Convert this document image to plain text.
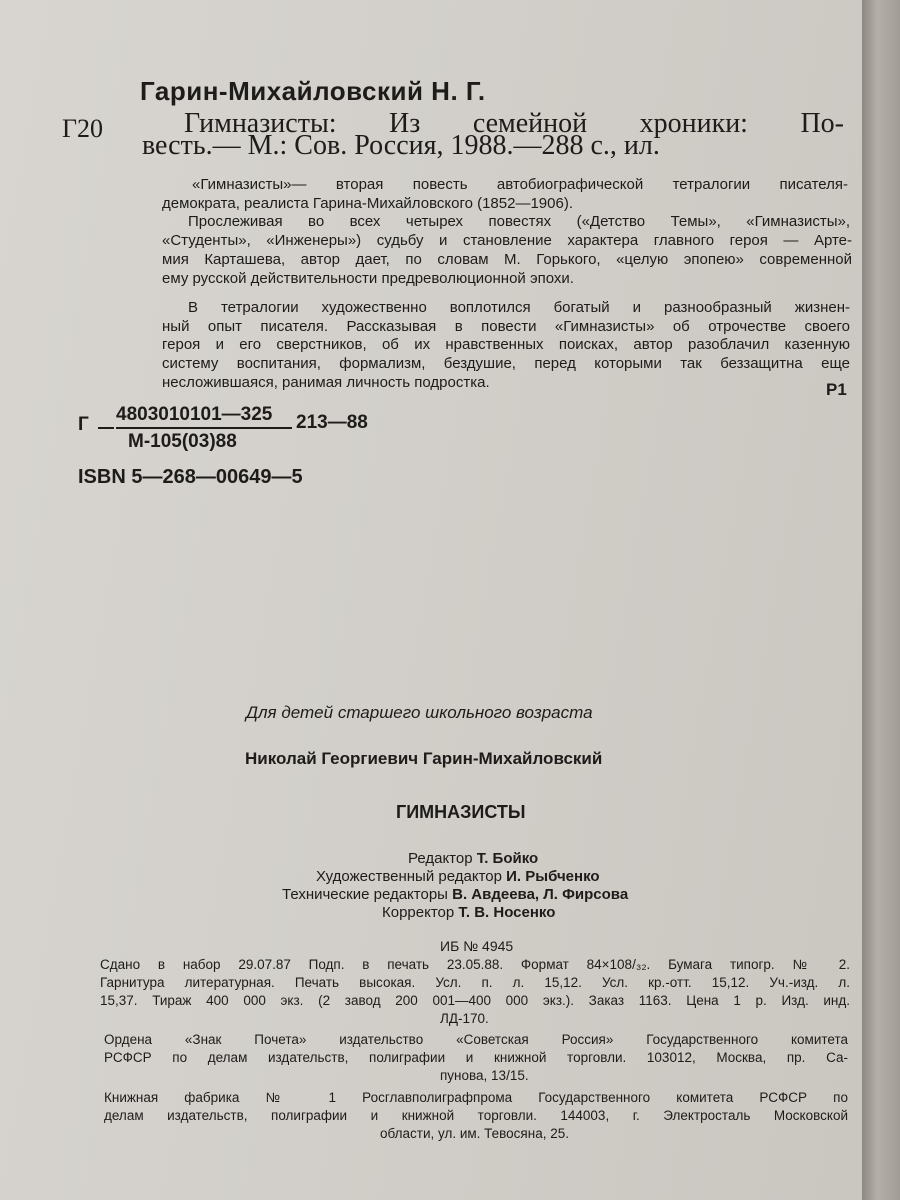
Гарин-Михайловский Н. Г.
Г20	Гимназисты: Из семейной хроники: По-
весть.— М.: Сов. Россия, 1988.—288 с., ил.
«Гимназисты»— вторая повесть автобиографической тетралогии писателя-
демократа, реалиста Гарина-Михайловского (1852—1906).
Прослеживая во всех четырех повестях («Детство Темы», «Гимназисты»,
«Студенты», «Инженеры») судьбу и становление характера главного героя — Арте-
мия Карташева, автор дает, по словам М. Горького, «целую эпопею» современной
ему русской действительности предреволюционной эпохи.
В тетралогии художественно воплотился богатый и разнообразный жизнен-
ный опыт писателя. Рассказывая в повести «Гимназисты» об отрочестве своего
героя и его сверстников, об их нравственных поисках, автор разоблачил казенную
систему воспитания, формализм, бездушие, перед которыми так беззащитна еще
несложившаяся, ранимая личность подростка.	Р1
Г 4803010101—325
М-105(03)88
213—88
ISBN 5—268—00649—5
Для детей старшего школьного возраста
Николай Георгиевич Гарин-Михайловский
ГИМНАЗИСТЫ
Редактор Т. Бойко
Художественный редактор И. Рыбченко
Технические редакторы В. Авдеева, Л. Фирсова
Корректор Т. В. Носенко
ИБ № 4945
Сдано в набор 29.07.87 Подп. в печать 23.05.88. Формат 84×108/₃₂. Бумага типогр. № 2.
Гарнитура литературная. Печать высокая. Усл. п. л. 15,12. Усл. кр.-отт. 15,12. Уч.-изд. л.
15,37. Тираж 400 000 экз. (2 завод 200 001—400 000 экз.). Заказ 1163. Цена 1 р. Изд. инд.
ЛД-170.
Ордена «Знак Почета» издательство «Советская Россия» Государственного комитета
РСФСР по делам издательств, полиграфии и книжной торговли. 103012, Москва, пр. Са-
пунова, 13/15.
Книжная фабрика № 1 Росглавполиграфпрома Государственного комитета РСФСР по
делам издательств, полиграфии и книжной торговли. 144003, г. Электросталь Московской
области, ул. им. Тевосяна, 25.
